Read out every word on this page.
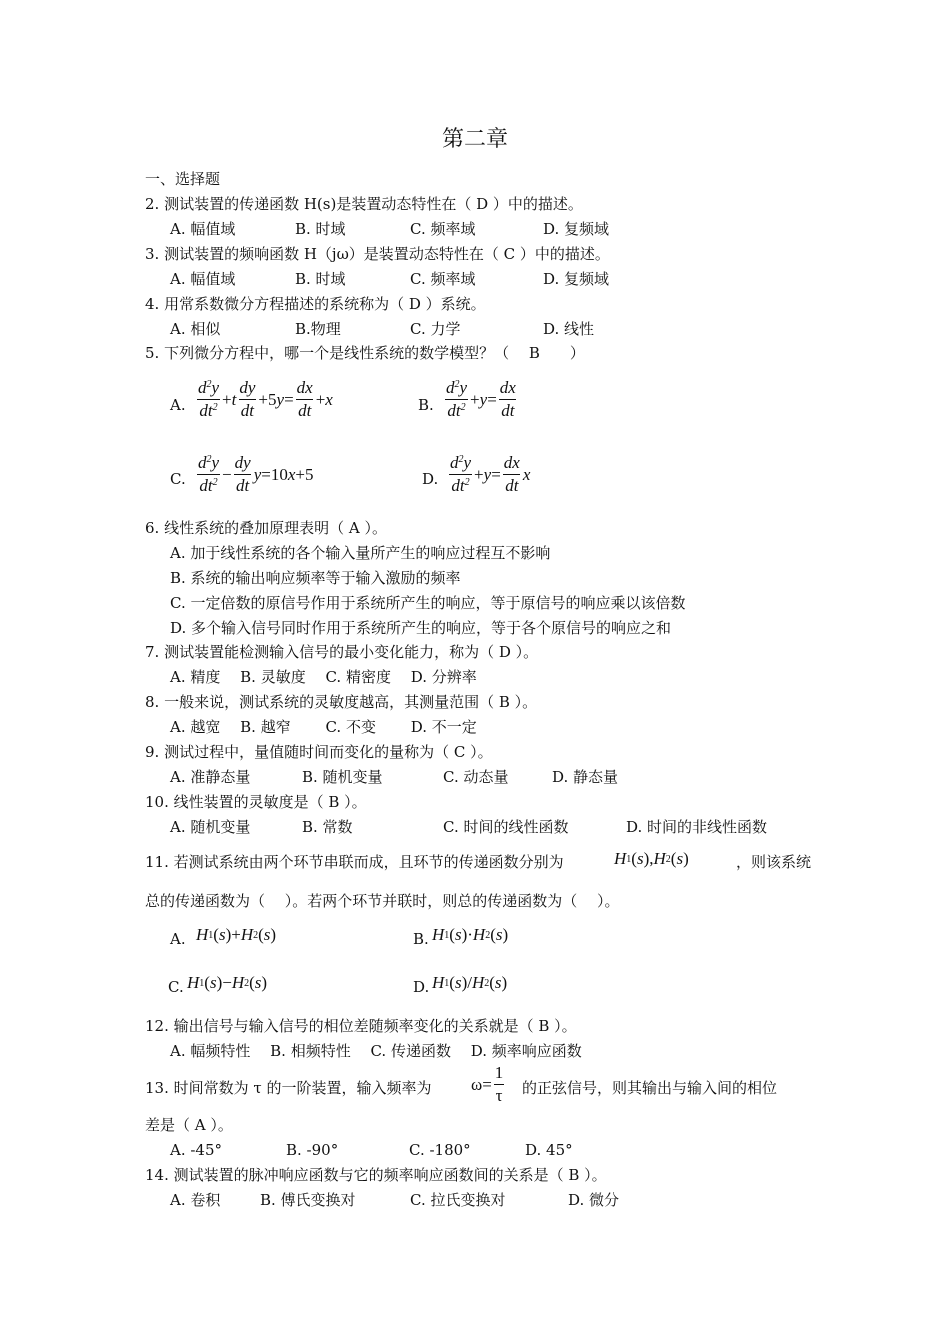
第二章
一、选择题
2. 测试装置的传递函数 H(s)是装置动态特性在（ D ）中的描述。
A. 幅值域	B. 时域	C. 频率域	D. 复频域
3. 测试装置的频响函数 H（jω）是装置动态特性在（ C ）中的描述。
A. 幅值域	B. 时域	C. 频率域	D. 复频域
4. 用常系数微分方程描述的系统称为（ D ）系统。
A. 相似	B.物理	C. 力学	D. 线性
5. 下列微分方程中，哪一个是线性系统的数学模型？（　 B　　）
A. $\frac{d^2y}{dt^2} + t \frac{dy}{dt} +5$ $y = \frac{dx}{dt} + x$	B. $\frac{d^2y}{dt^2} + y = \frac{dx}{dt}$
C. $\frac{d^2y}{dt^2} - \frac{dy}{dt}$ y =10 x +5	D. $\frac{d^2y}{dt^2} + y = \frac{dx}{dt}$ x
6. 线性系统的叠加原理表明（ A ）。
A. 加于线性系统的各个输入量所产生的响应过程互不影响
B. 系统的输出响应频率等于输入激励的频率
C. 一定倍数的原信号作用于系统所产生的响应，等于原信号的响应乘以该倍数
D. 多个输入信号同时作用于系统所产生的响应，等于各个原信号的响应之和
7. 测试装置能检测输入信号的最小变化能力，称为（ D ）。
A. 精度　 B. 灵敏度　 C. 精密度　 D. 分辨率
8. 一般来说，测试系统的灵敏度越高，其测量范围（ B ）。
A. 越宽　 B. 越窄　　 C. 不变　　 D. 不一定
9. 测试过程中，量值随时间而变化的量称为（ C ）。
A. 准静态量	B. 随机变量	C. 动态量	D. 静态量
10. 线性装置的灵敏度是（ B ）。
A. 随机变量	B. 常数	C. 时间的线性函数	D. 时间的非线性函数
11. 若测试系统由两个环节串联而成，且环节的传递函数分别为	H 1 ( s ), H 2 ( s )	，则该系统
总的传递函数为（　 ）。若两个环节并联时，则总的传递函数为（　 ）。
A. H 1 ( s )+ H 2 ( s )	B. H 1 ( s )· H 2 ( s )
C. H 1 ( s )− H 2 ( s )	D. H 1 ( s )/ H 2 ( s )
12. 输出信号与输入信号的相位差随频率变化的关系就是（ B ）。
A. 幅频特性　 B. 相频特性　 C. 传递函数　 D. 频率响应函数
13. 时间常数为 τ 的一阶装置，输入频率为 $\omega = \frac{1}{\tau}$ 的正弦信号，则其输出与输入间的相位
差是（ A ）。
A. -45°	B. -90°	C. -180°	D. 45°
14. 测试装置的脉冲响应函数与它的频率响应函数间的关系是（ B ）。
A. 卷积	B. 傅氏变换对	C. 拉氏变换对	D. 微分
